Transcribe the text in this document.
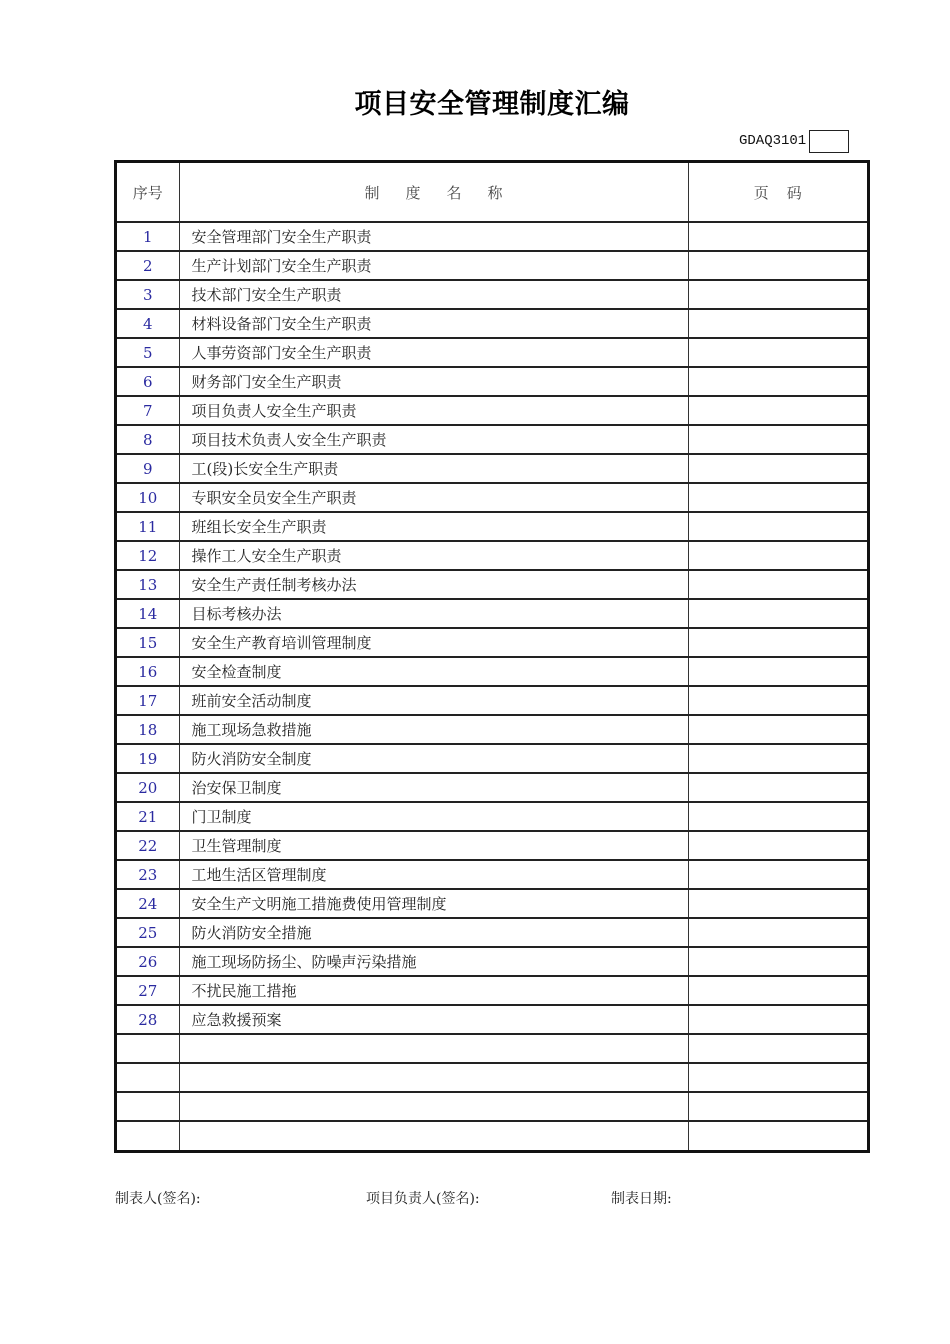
项目安全管理制度汇编
GDAQ3101
序号	制度名称	页码
1	安全管理部门安全生产职责	
2	生产计划部门安全生产职责	
3	技术部门安全生产职责	
4	材料设备部门安全生产职责	
5	人事劳资部门安全生产职责	
6	财务部门安全生产职责	
7	项目负责人安全生产职责	
8	项目技术负责人安全生产职责	
9	工(段)长安全生产职责	
10	专职安全员安全生产职责	
11	班组长安全生产职责	
12	操作工人安全生产职责	
13	安全生产责任制考核办法	
14	目标考核办法	
15	安全生产教育培训管理制度	
16	安全检查制度	
17	班前安全活动制度	
18	施工现场急救措施	
19	防火消防安全制度	
20	治安保卫制度	
21	门卫制度	
22	卫生管理制度	
23	工地生活区管理制度	
24	安全生产文明施工措施费使用管理制度	
25	防火消防安全措施	
26	施工现场防扬尘、防噪声污染措施	
27	不扰民施工措拖	
28	应急救援预案	

制表人(签名):	项目负责人(签名):	制表日期:
